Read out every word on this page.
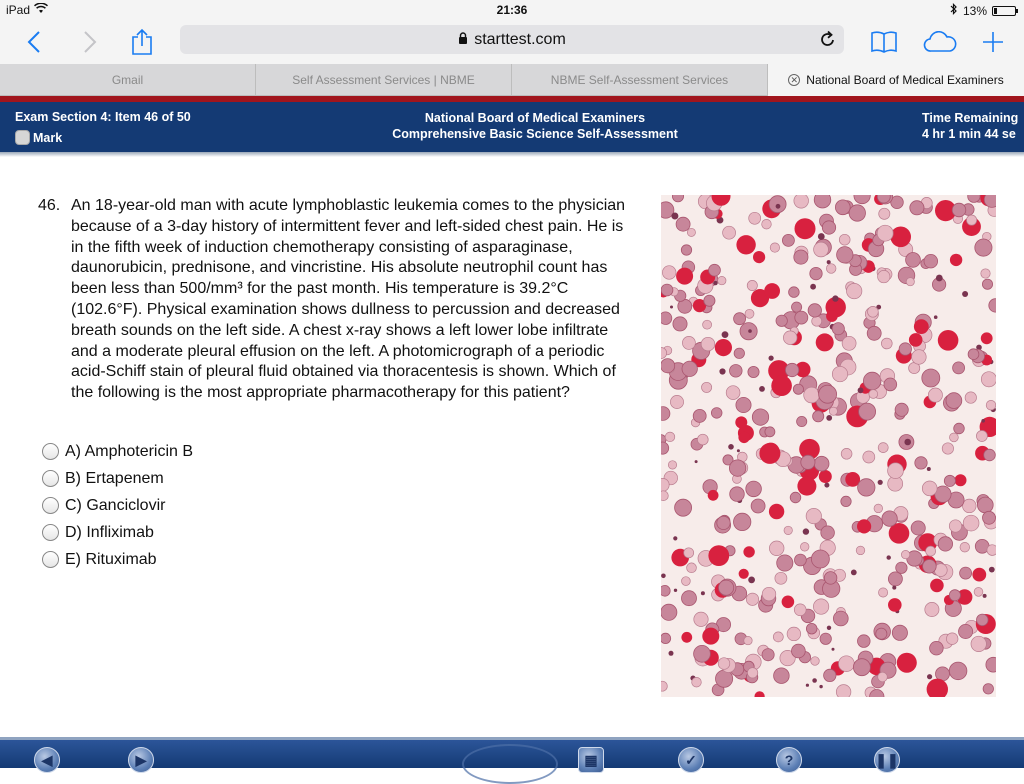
iPad	21:36	13%
starttest.com
Gmail	Self Assessment Services | NBME	NBME Self-Assessment Services	✕ National Board of Medical Examiners
Exam Section 4: Item 46 of 50
Mark
National Board of Medical Examiners
Comprehensive Basic Science Self-Assessment
Time Remaining
4 hr 1 min 44 se
46. An 18-year-old man with acute lymphoblastic leukemia comes to the physician because of a 3-day history of intermittent fever and left-sided chest pain. He is in the fifth week of induction chemotherapy consisting of asparaginase, daunorubicin, prednisone, and vincristine. His absolute neutrophil count has been less than 500/mm³ for the past month. His temperature is 39.2°C (102.6°F). Physical examination shows dullness to percussion and decreased breath sounds on the left side. A chest x-ray shows a left lower lobe infiltrate and a moderate pleural effusion on the left. A photomicrograph of a periodic acid-Schiff stain of pleural fluid obtained via thoracentesis is shown. Which of the following is the most appropriate pharmacotherapy for this patient?
A) Amphotericin B
B) Ertapenem
C) Ganciclovir
D) Infliximab
E) Rituximab
◀	▶	▦	✓	?	❚❚
